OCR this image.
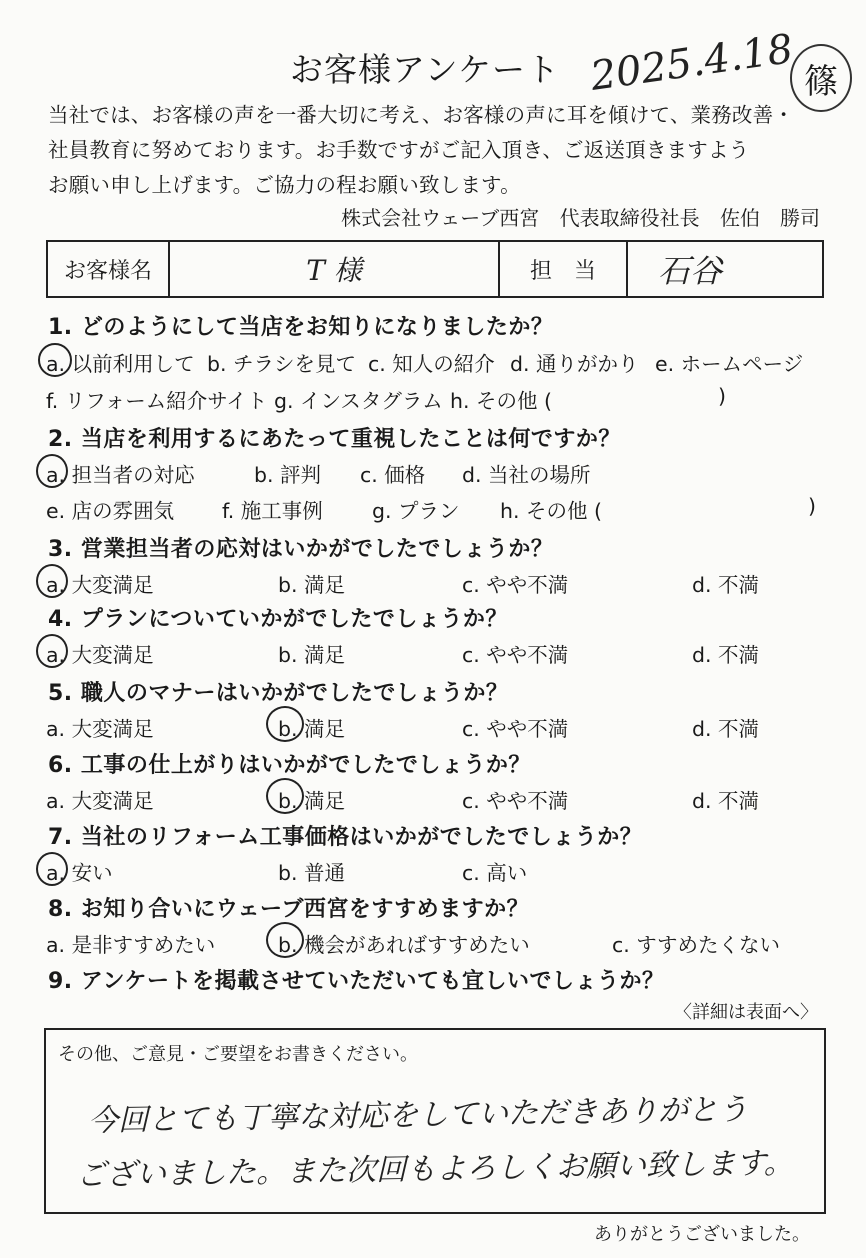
お客様アンケート 2025.4.18 篠
当社では、お客様の声を一番大切に考え、お客様の声に耳を傾けて、業務改善・
社員教育に努めております。お手数ですがご記入頂き、ご返送頂きますよう
お願い申し上げます。ご協力の程お願い致します。
株式会社ウェーブ西宮 代表取締役社長 佐伯　勝司
お客様名	T 様	担　当	石谷
1. どのようにして当店をお知りになりましたか？
a. 以前利用して b. チラシを見て c. 知人の紹介 d. 通りがかり e. ホームページ
f. リフォーム紹介サイト g. インスタグラム h. その他 (	)
2. 当店を利用するにあたって重視したことは何ですか？
a. 担当者の対応	b. 評判 c. 価格 d. 当社の場所
e. 店の雰囲気 f. 施工事例 g. プラン h. その他 (	)
3. 営業担当者の応対はいかがでしたでしょうか？
a. 大変満足	b. 満足	c. やや不満	d. 不満
4. プランについていかがでしたでしょうか？
a. 大変満足	b. 満足	c. やや不満	d. 不満
5. 職人のマナーはいかがでしたでしょうか？
a. 大変満足	b. 満足	c. やや不満	d. 不満
6. 工事の仕上がりはいかがでしたでしょうか？
a. 大変満足	b. 満足	c. やや不満	d. 不満
7. 当社のリフォーム工事価格はいかがでしたでしょうか？
a. 安い	b. 普通	c. 高い
8. お知り合いにウェーブ西宮をすすめますか？
a. 是非すすめたい	b. 機会があればすすめたい	c. すすめたくない
9. アンケートを掲載させていただいても宜しいでしょうか？
〈詳細は表面へ〉
その他、ご意見・ご要望をお書きください。
今回とても丁寧な対応をしていただきありがとう
ございました。また次回もよろしくお願い致します。
ありがとうございました。
